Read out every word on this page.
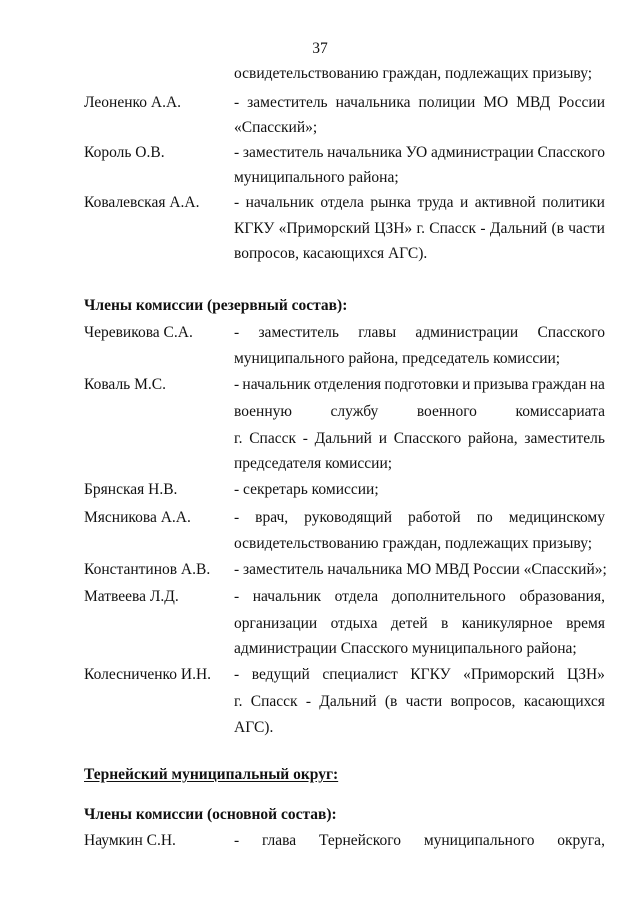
37
освидетельствованию граждан, подлежащих призыву;
Леоненко А.А.	- заместитель начальника полиции МО МВД России
«Спасский»;
Король О.В.	- заместитель начальника УО администрации Спасского
муниципального района;
Ковалевская А.А. - начальник отдела рынка труда и активной политики
КГКУ «Приморский ЦЗН» г. Спасск - Дальний (в части
вопросов, касающихся АГС).
Члены комиссии (резервный состав):
Черевикова С.А.	- заместитель главы администрации Спасского
муниципального района, председатель комиссии;
Коваль М.С.	- начальник отделения подготовки и призыва граждан на
военную службу военного комиссариата
г. Спасск - Дальний и Спасского района, заместитель
председателя комиссии;
Брянская Н.В.	- секретарь комиссии;
Мясникова А.А.	- врач, руководящий работой по медицинскому
освидетельствованию граждан, подлежащих призыву;
Константинов А.В. - заместитель начальника МО МВД России «Спасский»;
Матвеева Л.Д.	- начальник отдела дополнительного образования,
организации отдыха детей в каникулярное время
администрации Спасского муниципального района;
Колесниченко И.Н. - ведущий специалист КГКУ «Приморский ЦЗН»
г. Спасск - Дальний (в части вопросов, касающихся
АГС).
Тернейский муниципальный округ:
Члены комиссии (основной состав):
Наумкин С.Н.	- глава Тернейского муниципального округа,
